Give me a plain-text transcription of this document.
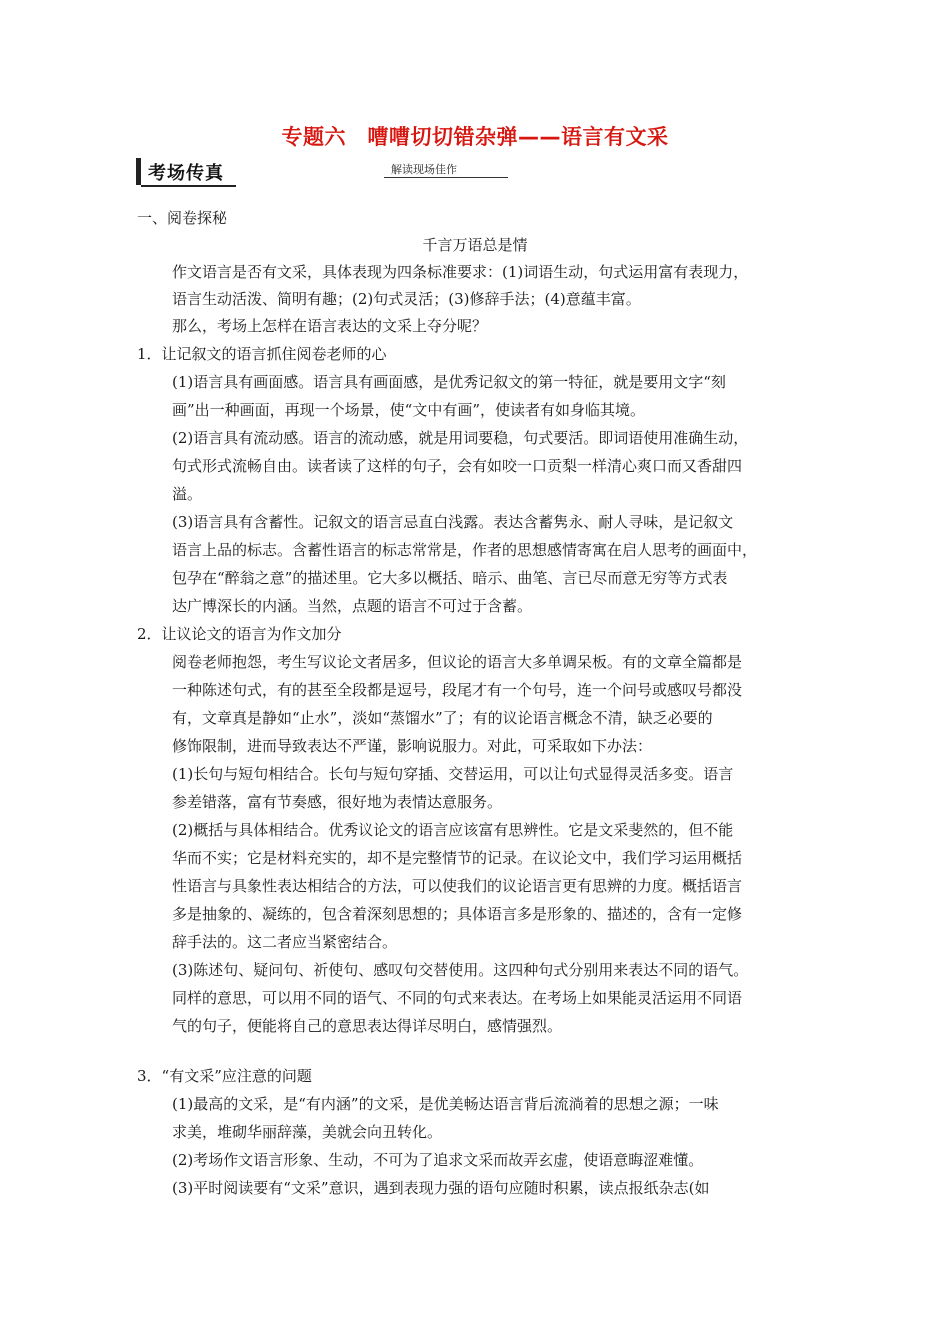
专题六　嘈嘈切切错杂弹——语言有文采
考场传真	解读现场佳作
一、阅卷探秘
千言万语总是情
作文语言是否有文采，具体表现为四条标准要求：(1)词语生动，句式运用富有表现力，
语言生动活泼、简明有趣；(2)句式灵活；(3)修辞手法；(4)意蕴丰富。
那么，考场上怎样在语言表达的文采上夺分呢？
1．让记叙文的语言抓住阅卷老师的心
(1)语言具有画面感。语言具有画面感，是优秀记叙文的第一特征，就是要用文字“刻
画”出一种画面，再现一个场景，使“文中有画”，使读者有如身临其境。
(2)语言具有流动感。语言的流动感，就是用词要稳，句式要活。即词语使用准确生动，
句式形式流畅自由。读者读了这样的句子，会有如咬一口贡梨一样清心爽口而又香甜四
溢。
(3)语言具有含蓄性。记叙文的语言忌直白浅露。表达含蓄隽永、耐人寻味，是记叙文
语言上品的标志。含蓄性语言的标志常常是，作者的思想感情寄寓在启人思考的画面中，
包孕在“醉翁之意”的描述里。它大多以概括、暗示、曲笔、言已尽而意无穷等方式表
达广博深长的内涵。当然，点题的语言不可过于含蓄。
2．让议论文的语言为作文加分
阅卷老师抱怨，考生写议论文者居多，但议论的语言大多单调呆板。有的文章全篇都是
一种陈述句式，有的甚至全段都是逗号，段尾才有一个句号，连一个问号或感叹号都没
有，文章真是静如“止水”，淡如“蒸馏水”了；有的议论语言概念不清，缺乏必要的
修饰限制，进而导致表达不严谨，影响说服力。对此，可采取如下办法：
(1)长句与短句相结合。长句与短句穿插、交替运用，可以让句式显得灵活多变。语言
参差错落，富有节奏感，很好地为表情达意服务。
(2)概括与具体相结合。优秀议论文的语言应该富有思辨性。它是文采斐然的，但不能
华而不实；它是材料充实的，却不是完整情节的记录。在议论文中，我们学习运用概括
性语言与具象性表达相结合的方法，可以使我们的议论语言更有思辨的力度。概括语言
多是抽象的、凝练的，包含着深刻思想的；具体语言多是形象的、描述的，含有一定修
辞手法的。这二者应当紧密结合。
(3)陈述句、疑问句、祈使句、感叹句交替使用。这四种句式分别用来表达不同的语气。
同样的意思，可以用不同的语气、不同的句式来表达。在考场上如果能灵活运用不同语
气的句子，便能将自己的意思表达得详尽明白，感情强烈。
3．“有文采”应注意的问题
(1)最高的文采，是“有内涵”的文采，是优美畅达语言背后流淌着的思想之源；一味
求美，堆砌华丽辞藻，美就会向丑转化。
(2)考场作文语言形象、生动，不可为了追求文采而故弄玄虚，使语意晦涩难懂。
(3)平时阅读要有“文采”意识，遇到表现力强的语句应随时积累，读点报纸杂志(如
